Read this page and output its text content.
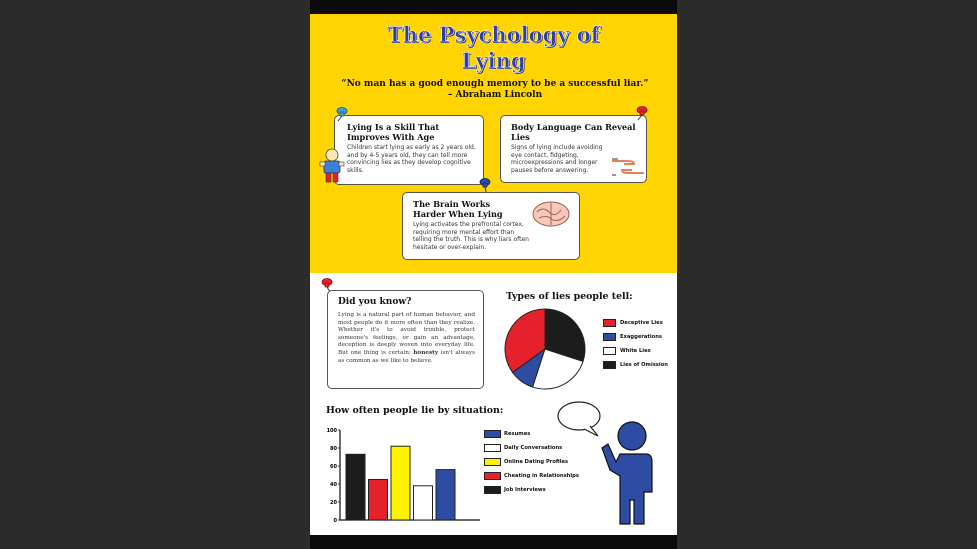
The Psychology of
Lying
“No man has a good enough memory to be a successful liar.”
– Abraham Lincoln
Lying Is a Skill That Improves With Age

Children start lying as early as 2 years old, and by 4-5 years old, they can tell more convincing lies as they develop cognitive skills.

Body Language Can Reveal Lies

Signs of lying include avoiding eye contact, fidgeting, microexpressions and longer pauses before answering.

The Brain Works Harder When Lying

Lying activates the prefrontal cortex, requiring more mental effort than telling the truth. This is why liars often hesitate or over-explain.

Did you know?

Lying is a natural part of human behavior, and most people do it more often than they realize. Whether it's to avoid trouble, protect someone's feelings, or gain an advantage, deception is deeply woven into everyday life. But one thing is certain: honesty isn't always as common as we like to believe.

Types of lies people tell:
Deceptive Lies
Exaggerations
White Lies
Lies of Omission
How often people lie by situation:
0
20
40
60
80
100	Resumes
Daily Conversations
Online Dating Profiles
Cheating in Relationships
Job Interviews
